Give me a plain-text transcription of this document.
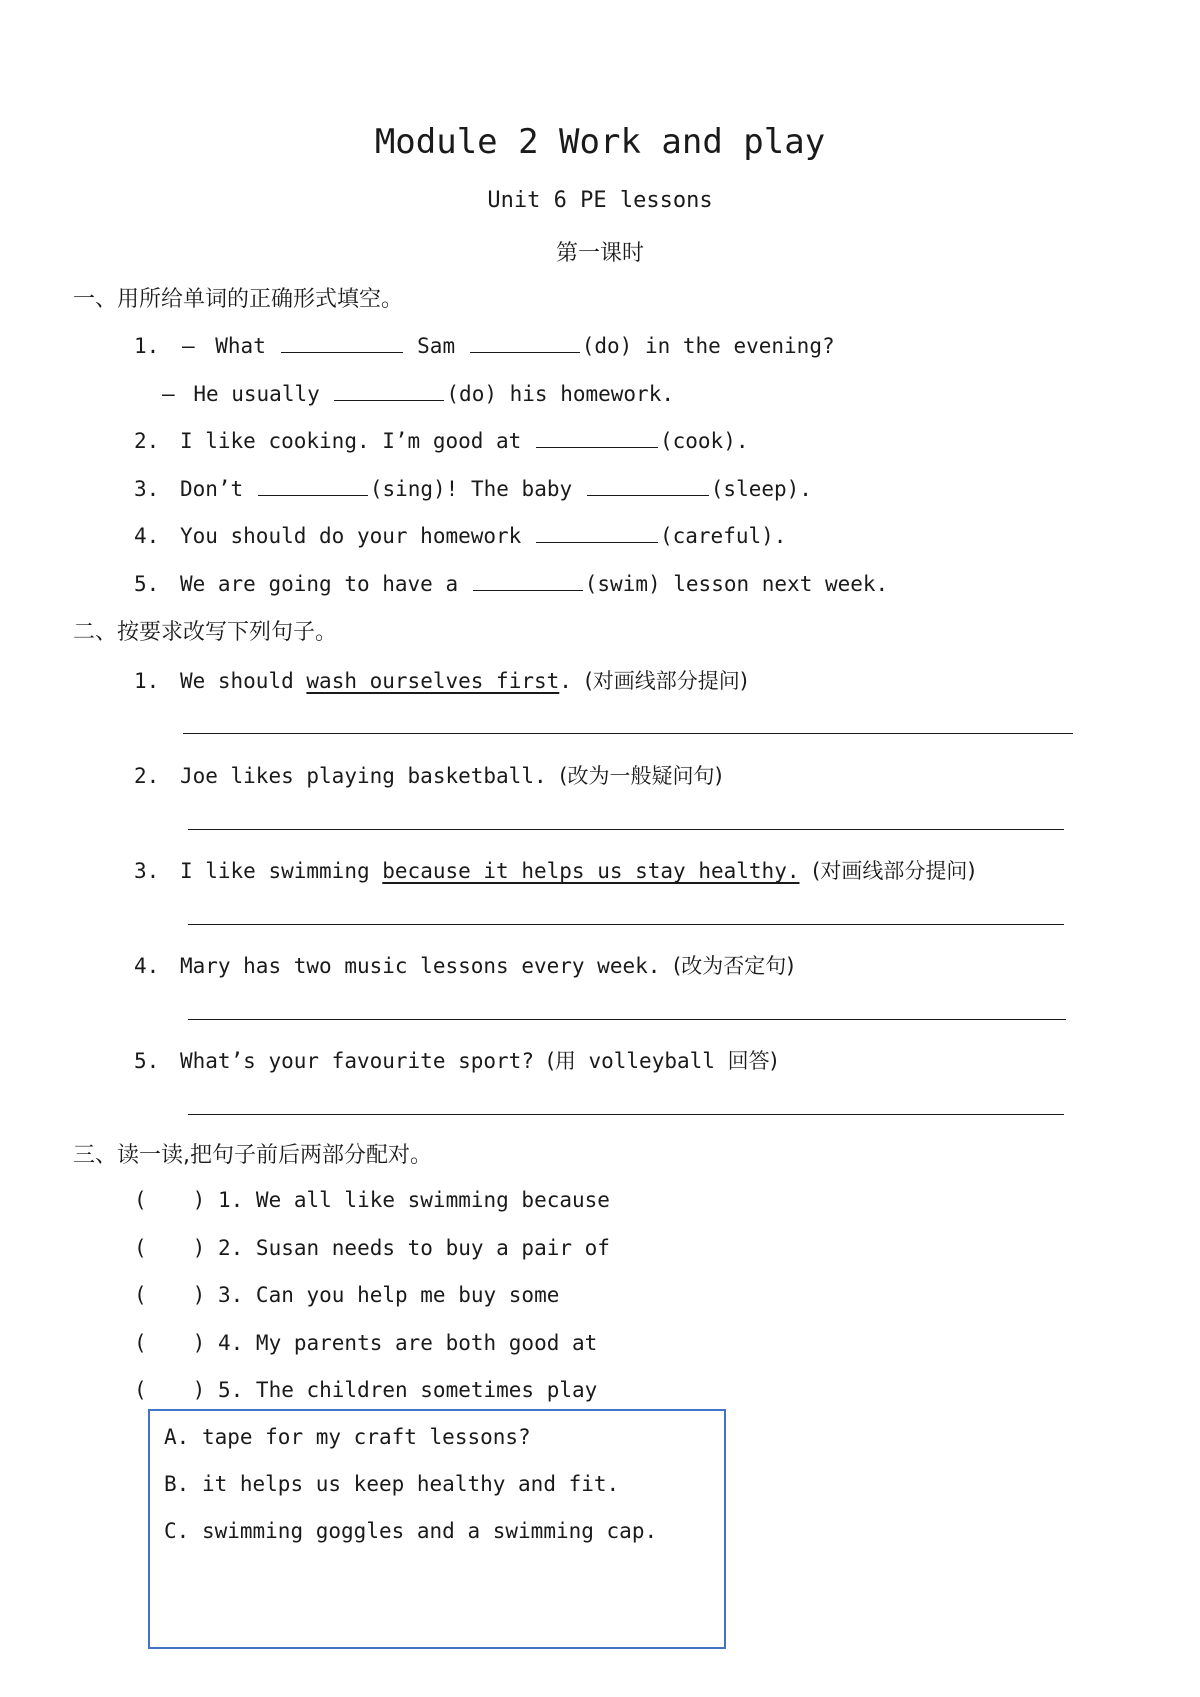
Module 2 Work and play
Unit 6 PE lessons
第一课时
一、用所给单词的正确形式填空。
1. — What	Sam	(do) in the evening?
— He usually	(do) his homework.
2. I like cooking. I’m good at	(cook).
3. Don’t	(sing)! The baby	(sleep).
4. You should do your homework	(careful).
5. We are going to have a	(swim) lesson next week.
二、按要求改写下列句子。
1. We should wash ourselves first. (对画线部分提问)
2. Joe likes playing basketball. (改为一般疑问句)
3. I like swimming because it helps us stay healthy. (对画线部分提问)
4. Mary has two music lessons every week. (改为否定句)
5. What’s your favourite sport? (用 volleyball 回答)
三、读一读,把句子前后两部分配对。
( ) 1. We all like swimming because
( ) 2. Susan needs to buy a pair of
( ) 3. Can you help me buy some
( ) 4. My parents are both good at
( ) 5. The children sometimes play
A. tape for my craft lessons?
B. it helps us keep healthy and fit.
C. swimming goggles and a swimming cap.
